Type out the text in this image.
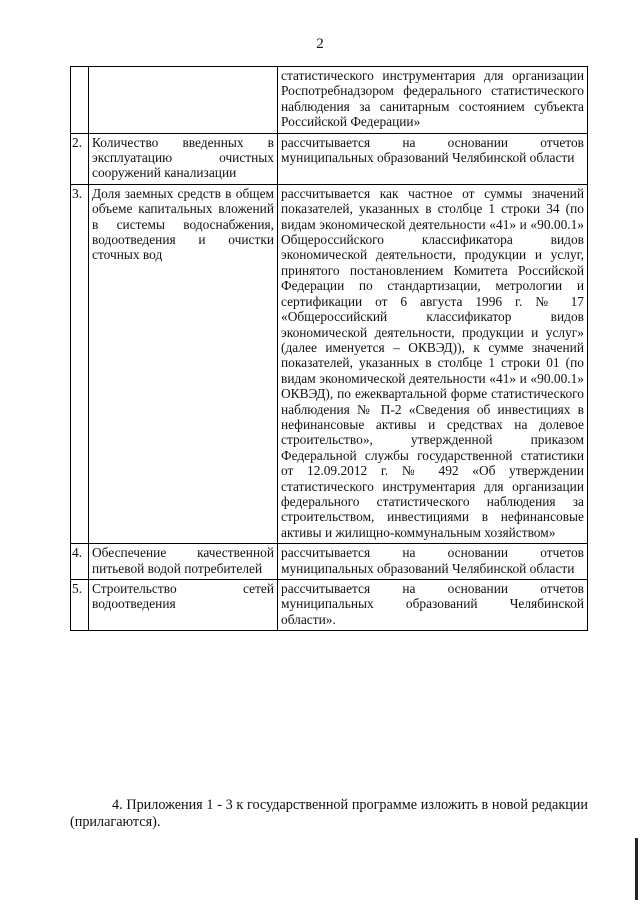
2
		статистического инструментария для организации Роспотребнадзором федерального статистического наблюдения за санитарным состоянием субъекта Российской Федерации»
2.	Количество введенных в эксплуатацию очистных сооружений канализации	рассчитывается на основании отчетов муниципальных образований Челябинской области
3.	Доля заемных средств в общем объеме капитальных вложений в системы водоснабжения, водоотведения и очистки сточных вод	рассчитывается как частное от суммы значений показателей, указанных в столбце 1 строки 34 (по видам экономической деятельности «41» и «90.00.1» Общероссийского классификатора видов экономической деятельности, продукции и услуг, принятого постановлением Комитета Российской Федерации по стандартизации, метрологии и сертификации от 6 августа 1996 г. № 17 «Общероссийский классификатор видов экономической деятельности, продукции и услуг» (далее именуется – ОКВЭД)), к сумме значений показателей, указанных в столбце 1 строки 01 (по видам экономической деятельности «41» и «90.00.1» ОКВЭД), по ежеквартальной форме статистического наблюдения № П-2 «Сведения об инвестициях в нефинансовые активы и средствах на долевое строительство», утвержденной приказом Федеральной службы государственной статистики от 12.09.2012 г. № 492 «Об утверждении статистического инструментария для организации федерального статистического наблюдения за строительством, инвестициями в нефинансовые активы и жилищно-коммунальным хозяйством»
4.	Обеспечение качественной питьевой водой потребителей	рассчитывается на основании отчетов муниципальных образований Челябинской области
5.	Строительство сетей водоотведения	рассчитывается на основании отчетов муниципальных образований Челябинской области».
4. Приложения 1 - 3 к государственной программе изложить в новой редакции (прилагаются).
